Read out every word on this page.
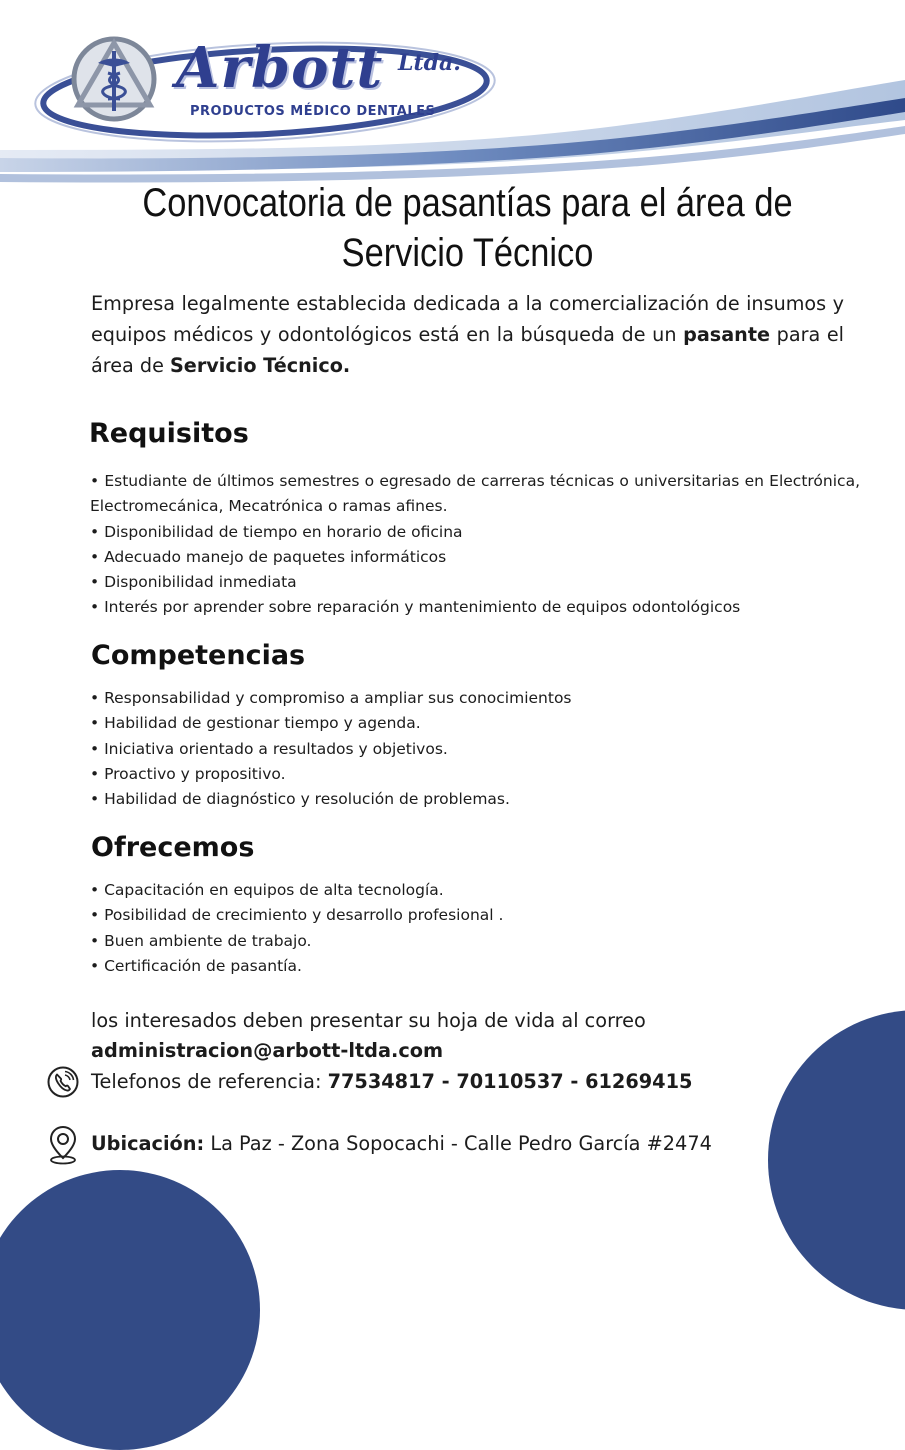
Arbott Ltda.
PRODUCTOS MÉDICO DENTALES
Convocatoria de pasantías para el área de Servicio Técnico

Empresa legalmente establecida dedicada a la comercialización de insumos y equipos médicos y odontológicos está en la búsqueda de un pasante para el área de Servicio Técnico.

Requisitos
• Estudiante de últimos semestres o egresado de carreras técnicas o universitarias en Electrónica, Electromecánica, Mecatrónica o ramas afines.
• Disponibilidad de tiempo en horario de oficina
• Adecuado manejo de paquetes informáticos
• Disponibilidad inmediata
• Interés por aprender sobre reparación y mantenimiento de equipos odontológicos
Competencias
• Responsabilidad y compromiso a ampliar sus conocimientos
• Habilidad de gestionar tiempo y agenda.
• Iniciativa orientado a resultados y objetivos.
• Proactivo y propositivo.
• Habilidad de diagnóstico y resolución de problemas.
Ofrecemos
• Capacitación en equipos de alta tecnología.
• Posibilidad de crecimiento y desarrollo profesional .
• Buen ambiente de trabajo.
• Certificación de pasantía.
los interesados deben presentar su hoja de vida al correo
administracion@arbott-ltda.com
Telefonos de referencia: 77534817 - 70110537 - 61269415
Ubicación: La Paz - Zona Sopocachi - Calle Pedro García #2474
